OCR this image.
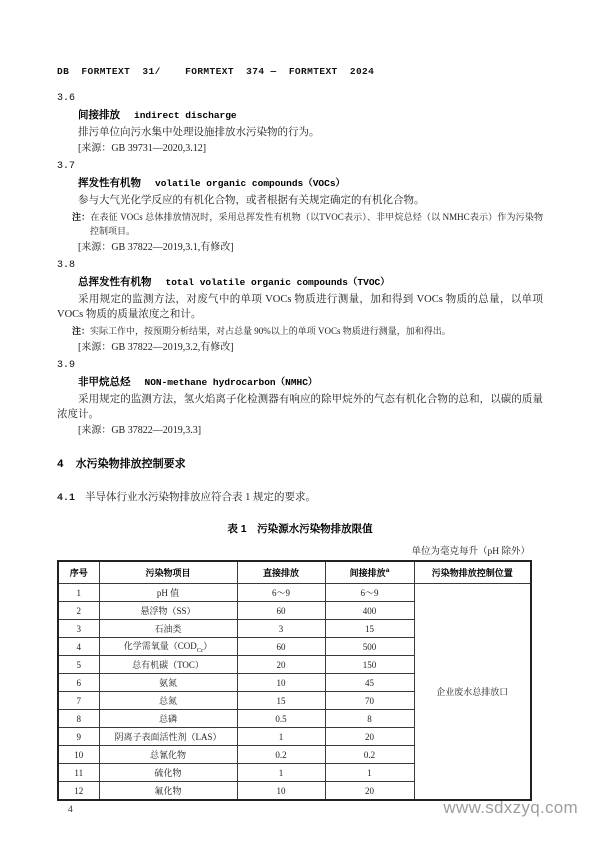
DB  FORMTEXT  31/    FORMTEXT  374 —  FORMTEXT  2024
3.6
间接排放 indirect discharge

排污单位向污水集中处理设施排放水污染物的行为。

[来源：GB 39731—2020,3.12]
3.7
挥发性有机物 volatile organic compounds（VOCs）

参与大气光化学反应的有机化合物，或者根据有关规定确定的有机化合物。

注：在表征 VOCs 总体排放情况时，采用总挥发性有机物（以TVOC表示）、非甲烷总烃（以 NMHC表示）作为污染物控制项目。
[来源：GB 37822—2019,3.1,有修改]
3.8
总挥发性有机物 total volatile organic compounds（TVOC）

采用规定的监测方法，对废气中的单项 VOCs 物质进行测量，加和得到 VOCs 物质的总量，以单项 VOCs 物质的质量浓度之和计。

注：实际工作中，按预期分析结果，对占总量 90%以上的单项 VOCs 物质进行测量，加和得出。
[来源：GB 37822—2019,3.2,有修改]
3.9
非甲烷总烃 NON-methane hydrocarbon（NMHC）

采用规定的监测方法，氢火焰离子化检测器有响应的除甲烷外的气态有机化合物的总和，以碳的质量浓度计。

[来源：GB 37822—2019,3.3]
4 水污染物排放控制要求
4.1 半导体行业水污染物排放应符合表 1 规定的要求。
表 1　污染源水污染物排放限值
单位为毫克每升（pH 除外）
序号	污染物项目	直接排放	间接排放$^a$	污染物排放控制位置
1	pH 值	6～9	6～9	企业废水总排放口
2	悬浮物（SS）	60	400	
3	石油类	3	15	
4	化学需氧量$(COD_{Cr})$	60	500	
5	总有机碳（TOC）	20	150	
6	氨氮	10	45	
7	总氮	15	70	
8	总磷	0.5	8	
9	阴离子表面活性剂（LAS）	1	20	
10	总氰化物	0.2	0.2	
11	硫化物	1	1	
12	氟化物	10	20	
4	www.sdxzyq.com
